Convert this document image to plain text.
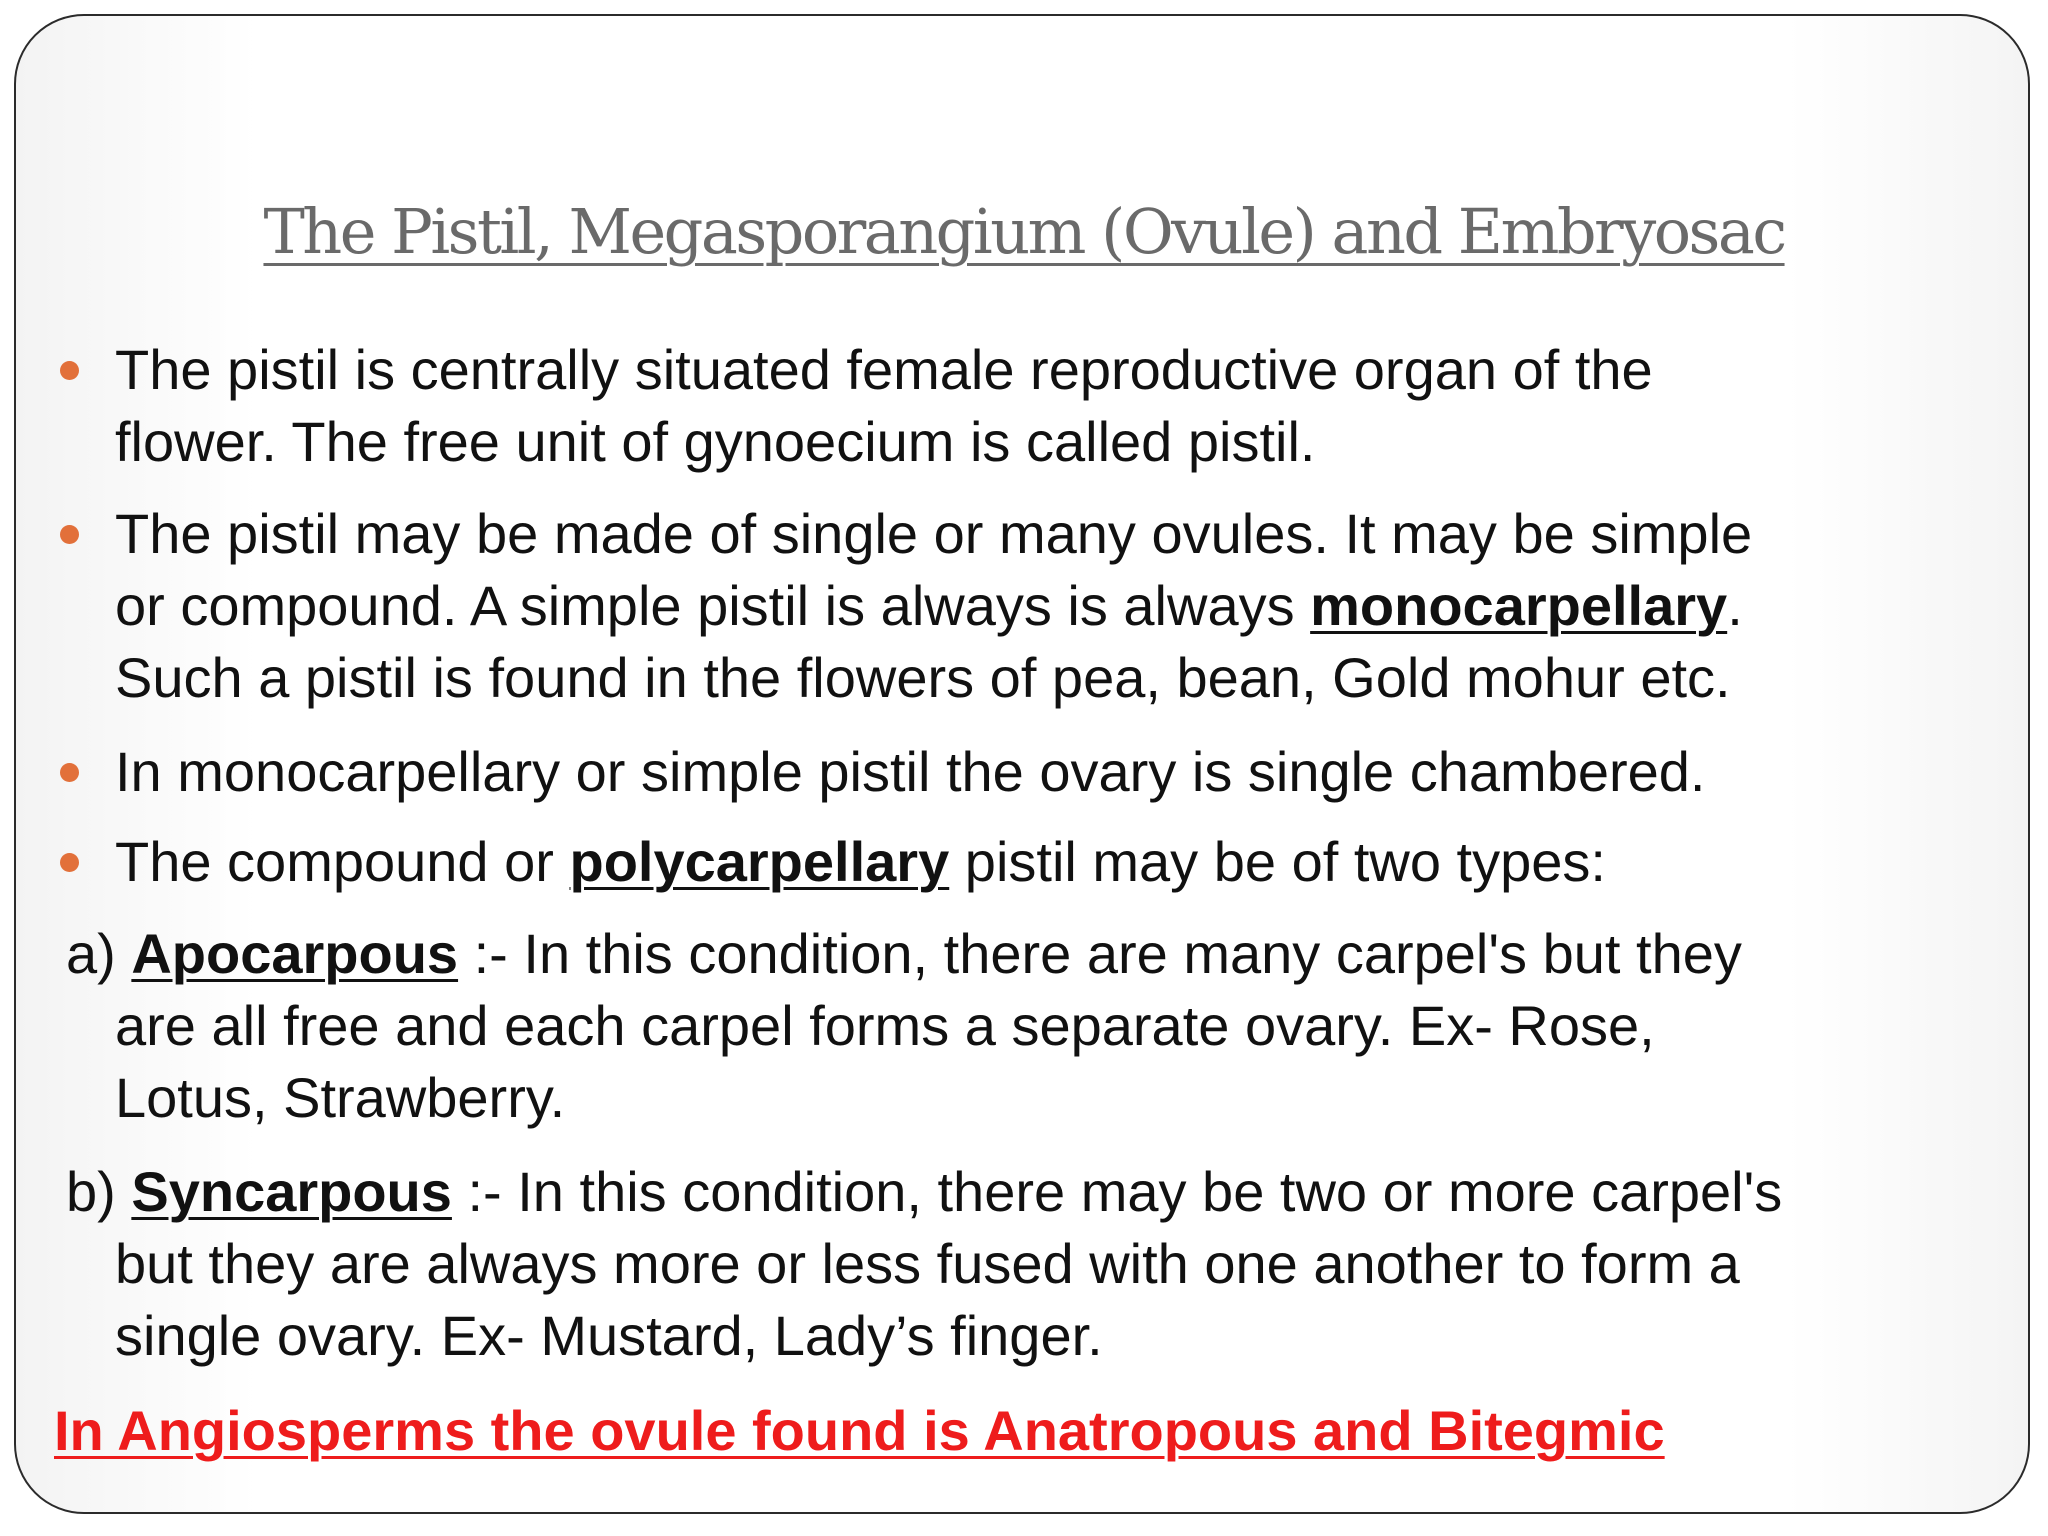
The Pistil, Megasporangium (Ovule) and Embryosac
The pistil is centrally situated female reproductive organ of the
flower. The free unit of gynoecium is called pistil.
The pistil may be made of single or many ovules. It may be simple
or compound. A simple pistil is always is always monocarpellary.
Such a pistil is found in the flowers of pea, bean, Gold mohur etc.
In monocarpellary or simple pistil the ovary is single chambered.
The compound or polycarpellary pistil may be of two types:
a) Apocarpous :- In this condition, there are many carpel's but they
are all free and each carpel forms a separate ovary. Ex- Rose,
Lotus, Strawberry.
b) Syncarpous :- In this condition, there may be two or more carpel's
but they are always more or less fused with one another to form a
single ovary. Ex- Mustard, Lady’s finger.
In Angiosperms the ovule found is Anatropous and Bitegmic
